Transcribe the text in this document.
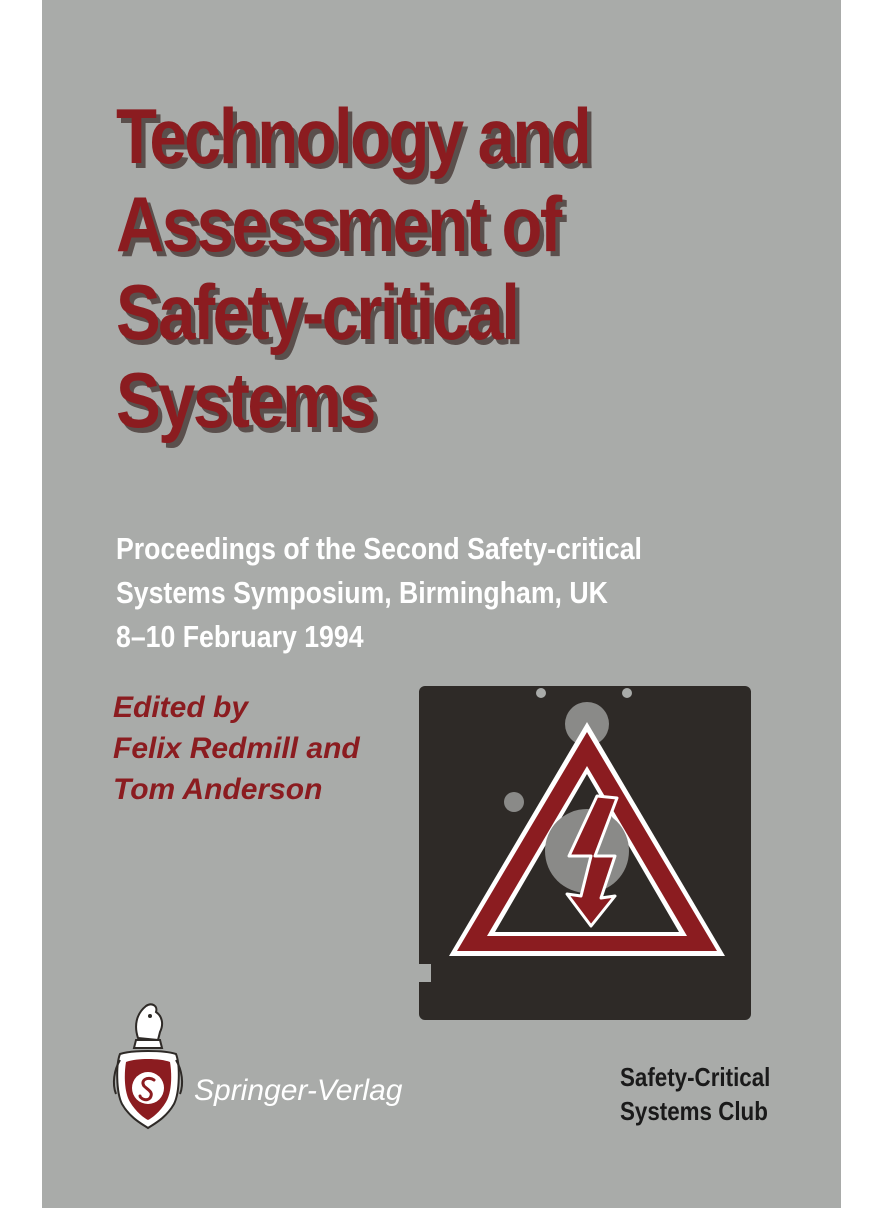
Technology and
Assessment of
Safety-critical
Systems
Proceedings of the Second Safety-critical
Systems Symposium, Birmingham, UK
8–10 February 1994
Edited by
Felix Redmill and
Tom Anderson
Springer-Verlag	Safety-Critical
Systems Club
